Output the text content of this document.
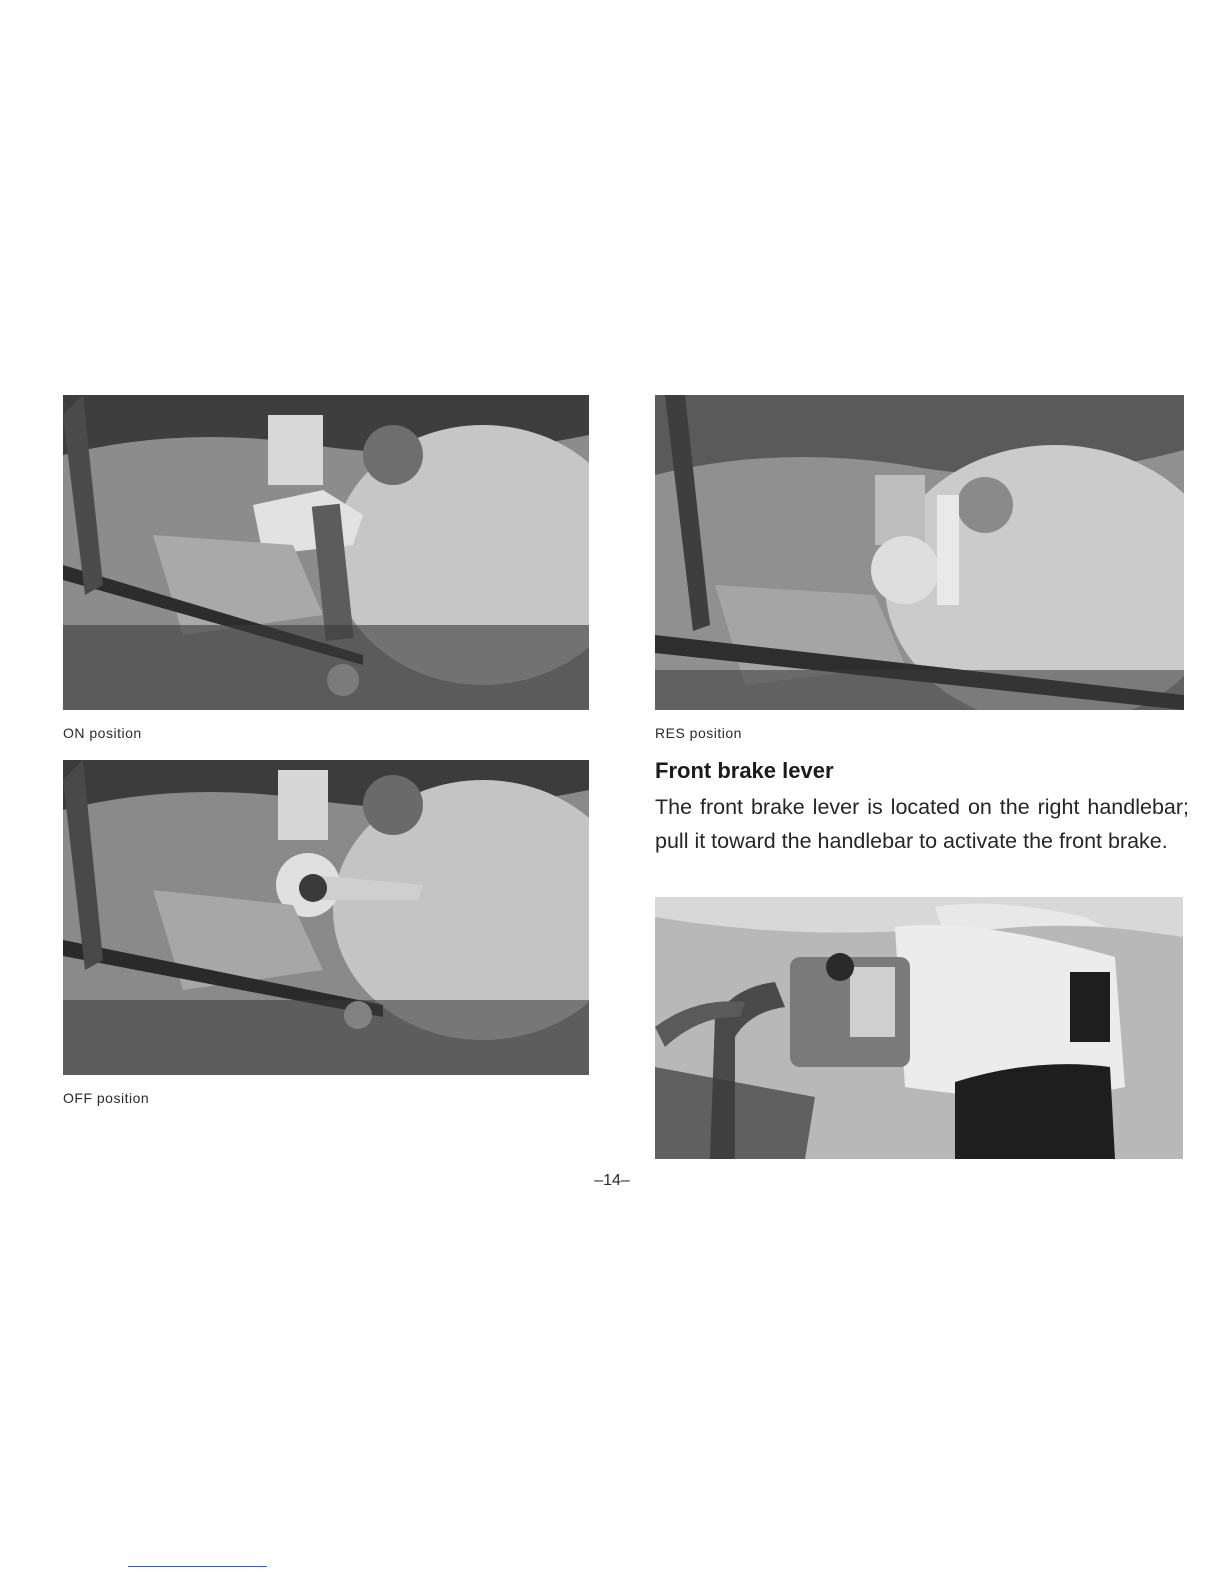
ON position
OFF position
RES position
Front brake lever

The front brake lever is located on the right handlebar; pull it toward the handlebar to activate the front brake.

–14–
